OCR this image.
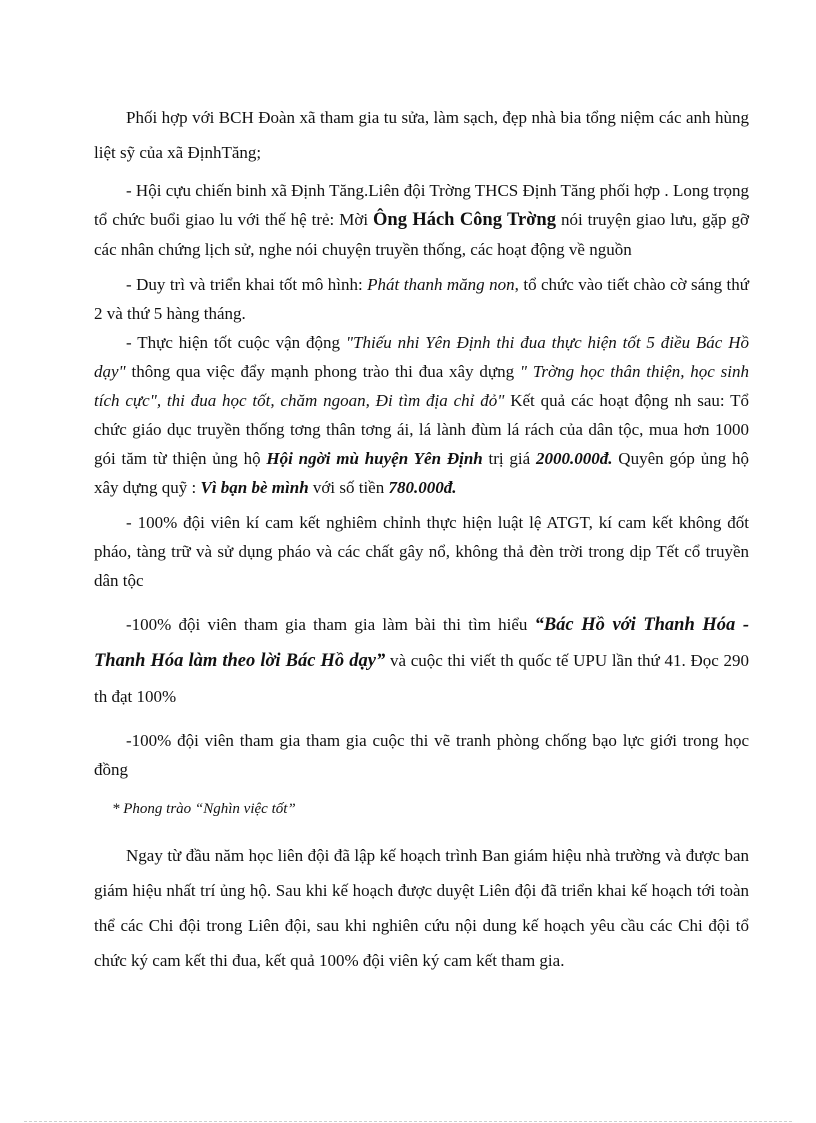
Phối hợp với BCH Đoàn xã tham gia tu sửa, làm sạch, đẹp nhà bia tổng niệm các anh hùng liệt sỹ của xã ĐịnhTăng;

- Hội cựu chiến binh xã Định Tăng.Liên đội Trờng THCS Định Tăng phối hợp . Long trọng tổ chức buổi giao lu với thế hệ trẻ: Mời Ông Hách Công Trờng nói truyện giao lưu, gặp gỡ các nhân chứng lịch sử, nghe nói chuyện truyền thống, các hoạt động về nguồn

- Duy trì và triển khai tốt mô hình: Phát thanh măng non, tổ chức vào tiết chào cờ sáng thứ 2 và thứ 5 hàng tháng.

- Thực hiện tốt cuộc vận động "Thiếu nhi Yên Định thi đua thực hiện tốt 5 điều Bác Hồ dạy" thông qua việc đẩy mạnh phong trào thi đua xây dựng " Trờng học thân thiện, học sinh tích cực", thi đua học tốt, chăm ngoan, Đi tìm địa chỉ đỏ" Kết quả các hoạt động nh sau: Tổ chức giáo dục truyền thống tơng thân tơng ái, lá lành đùm lá rách của dân tộc, mua hơn 1000 gói tăm từ thiện ủng hộ Hội ngời mù huyện Yên Định trị giá 2000.000đ. Quyên góp ủng hộ xây dựng quỹ : Vì bạn bè mình với số tiền 780.000đ.

- 100% đội viên kí cam kết nghiêm chỉnh thực hiện luật lệ ATGT, kí cam kết không đốt pháo, tàng trữ và sử dụng pháo và các chất gây nổ, không thả đèn trời trong dịp Tết cổ truyền dân tộc

-100% đội viên tham gia tham gia làm bài thi tìm hiểu “Bác Hồ với Thanh Hóa - Thanh Hóa làm theo lời Bác Hồ dạy” và cuộc thi viết th quốc tế UPU lần thứ 41. Đọc 290 th đạt 100%

-100% đội viên tham gia tham gia cuộc thi vẽ tranh phòng chống bạo lực giới trong học đồng

* Phong trào “Nghìn việc tốt”

Ngay từ đầu năm học liên đội đã lập kế hoạch trình Ban giám hiệu nhà trường và được ban giám hiệu nhất trí ủng hộ. Sau khi kế hoạch được duyệt Liên đội đã triển khai kế hoạch tới toàn thể các Chi đội trong Liên đội, sau khi nghiên cứu nội dung kế hoạch yêu cầu các Chi đội tổ chức ký cam kết thi đua, kết quả 100% đội viên ký cam kết tham gia.
